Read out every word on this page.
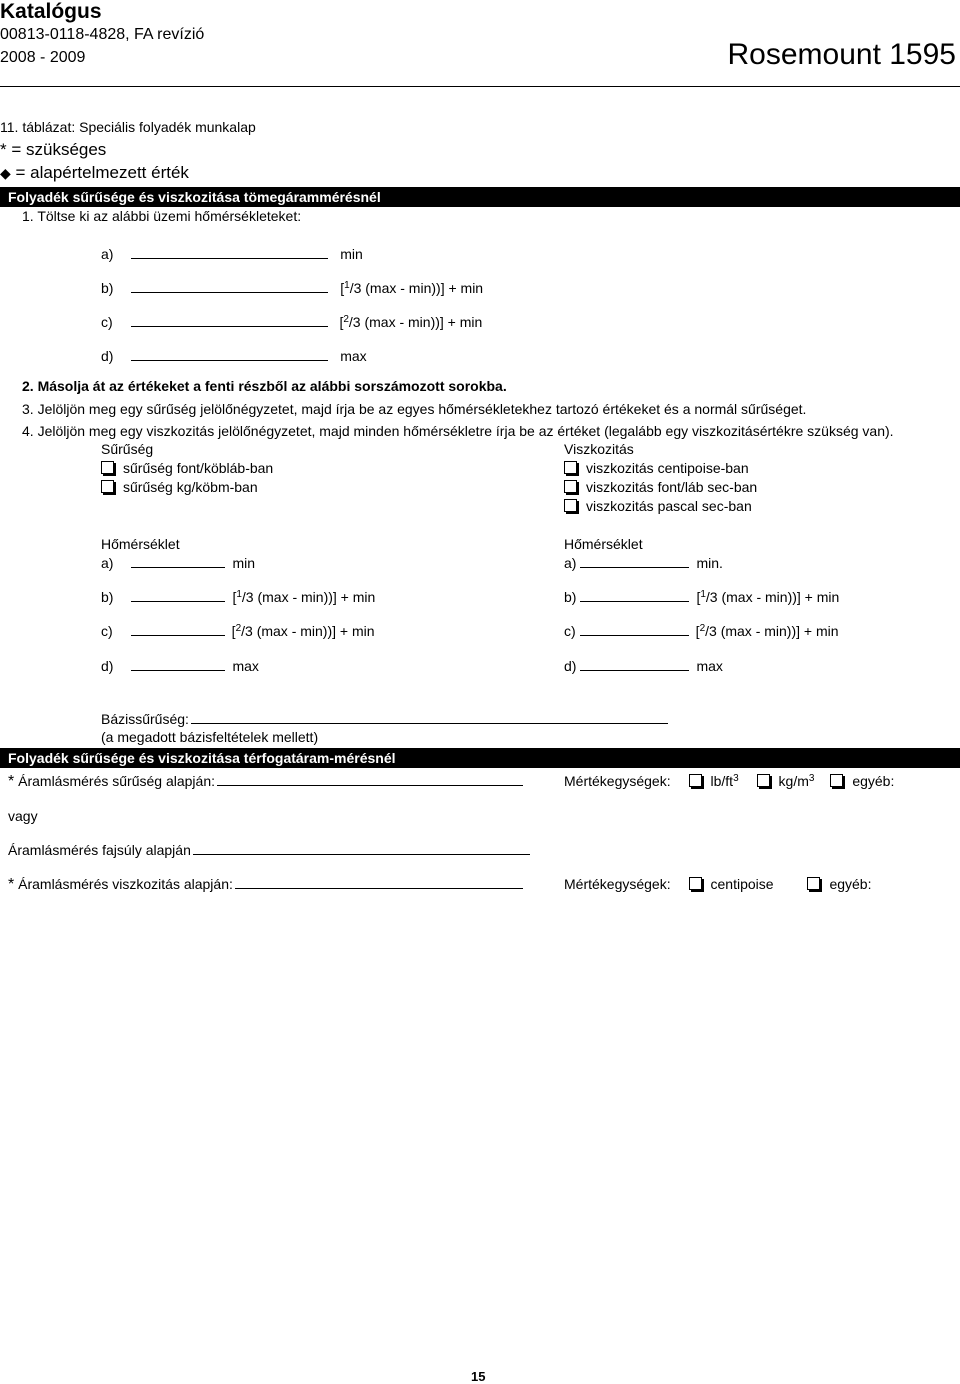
Katalógus
00813-0118-4828, FA revízió
2008 - 2009	Rosemount 1595
11. táblázat: Speciális folyadék munkalap
* = szükséges
◆ = alapértelmezett érték
Folyadék sűrűsége és viszkozitása tömegárammérésnél
1. Töltse ki az alábbi üzemi hőmérsékleteket:
a)	min
b)	[$^1$/3 (max - min))] + min
c)	[$^2$/3 (max - min))] + min
d)	max
2. Másolja át az értékeket a fenti részből az alábbi sorszámozott sorokba.
3. Jelöljön meg egy sűrűség jelölőnégyzetet, majd írja be az egyes hőmérsékletekhez tartozó értékeket és a normál sűrűséget.
4. Jelöljön meg egy viszkozitás jelölőnégyzetet, majd minden hőmérsékletre írja be az értéket (legalább egy viszkozitásértékre szükség van).
Sűrűség
sűrűség font/köbláb-ban
sűrűség kg/köbm-ban
Viszkozitás
viszkozitás centipoise-ban
viszkozitás font/láb sec-ban
viszkozitás pascal sec-ban
Hőmérséklet
a)	min
b)	[$^1$/3 (max - min))] + min
c)	[$^2$/3 (max - min))] + min
d)	max
Hőmérséklet
a)	min.
b)	[$^1$/3 (max - min))] + min
c)	[$^2$/3 (max - min))] + min
d)	max
Bázissűrűség:
(a megadott bázisfeltételek mellett)
Folyadék sűrűsége és viszkozitása térfogatáram-mérésnél
* Áramlásmérés sűrűség alapján:	Mértékegységek:	$lb/ft^3$	$kg/m^3$	egyéb:
vagy
Áramlásmérés fajsúly alapján
* Áramlásmérés viszkozitás alapján:	Mértékegységek:	centipoise	egyéb:
15
